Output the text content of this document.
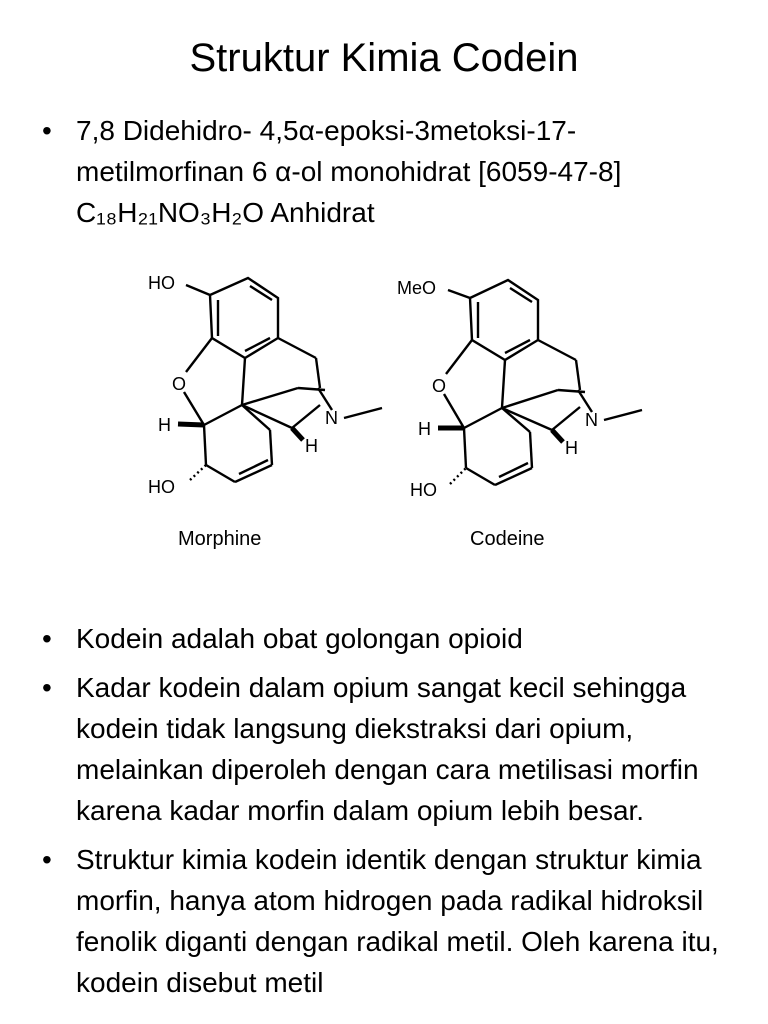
Struktur Kimia Codein
• 7,8 Didehidro- 4,5α-epoksi-3metoksi-17-
metilmorfinan 6 α-ol monohidrat [6059-47-8]
C₁₈H₂₁NO₃H₂O Anhidrat
HO
O
N
H
H
HO
Morphine
MeO
O
N
H
H
HO
Codeine
• Kodein adalah obat golongan opioid
• Kadar kodein dalam opium sangat kecil sehingga kodein tidak langsung diekstraksi dari opium, melainkan diperoleh dengan cara metilisasi morfin karena kadar morfin dalam opium lebih besar.
• Struktur kimia kodein identik dengan struktur kimia morfin, hanya atom hidrogen pada radikal hidroksil fenolik diganti dengan radikal metil. Oleh karena itu, kodein disebut metil
